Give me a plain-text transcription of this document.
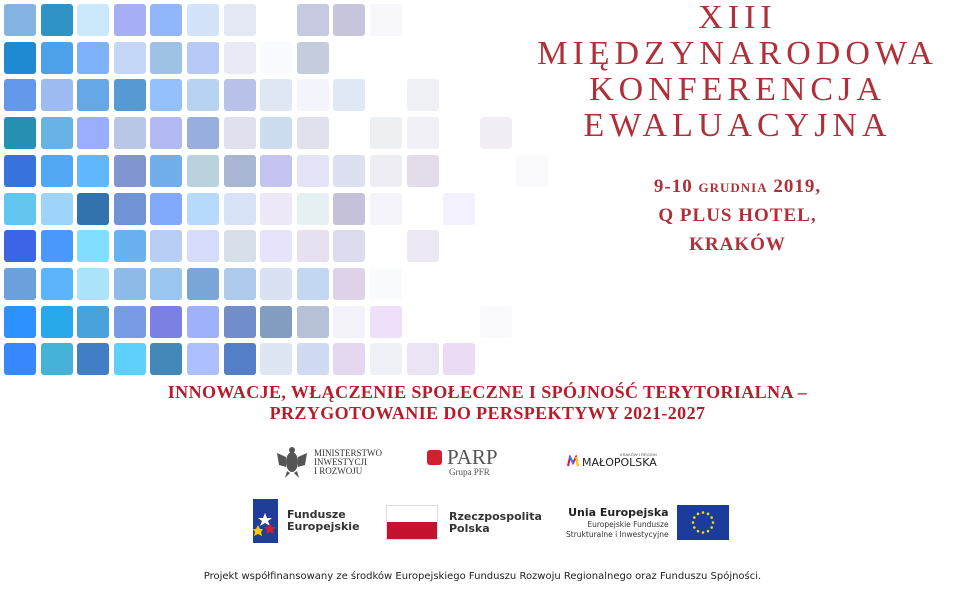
XIII
MIĘDZYNARODOWA
KONFERENCJA
EWALUACYJNA
9-10 grudnia 2019,
Q PLUS HOTEL,
KRAKÓW
INNOWACJE, WŁĄCZENIE SPOŁECZNE I SPÓJNOŚĆ TERYTORIALNA –
PRZYGOTOWANIE DO PERSPEKTYWY 2021-2027
MINISTERSTWO
INWESTYCJI
I ROZWOJU
PARP
Grupa PFR
KRAKÓW I REGION
MAŁOPOLSKA
Fundusze
Europejskie
Rzeczpospolita
Polska
Unia Europejska
Europejskie Fundusze
Strukturalne i Inwestycyjne
Projekt współfinansowany ze środków Europejskiego Funduszu Rozwoju Regionalnego oraz Funduszu Spójności.
